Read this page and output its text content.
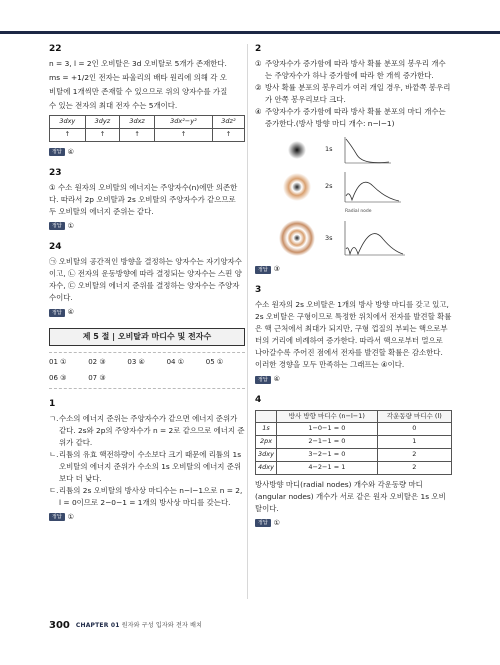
22
n = 3, l = 2인 오비탈은 3d 오비탈로 5개가 존재한다.
ms = +1/2인 전자는 파울리의 배타 원리에 의해 각 오
비탈에 1개씩만 존재할 수 있으므로 위의 양자수를 가질
수 있는 전자의 최대 전자 수는 5개이다.
3dxy	3dyz	3dxz	3dx²−y²	3dz²
↑	↑	↑	↑	↑
정답 ④
23
① 수소 원자의 오비탈의 에너지는 주양자수(n)에만 의존한다. 따라서 2p 오비탈과 2s 오비탈의 주양자수가 같으므로 두 오비탈의 에너지 준위는 같다.
정답 ①
24
㉠ 오비탈의 공간적인 방향을 결정하는 양자수는 자기양자수이고, ㉡ 전자의 운동방향에 따라 결정되는 양자수는 스핀 양자수, ㉢ 오비탈의 에너지 준위를 결정하는 양자수는 주양자수이다.
정답 ④
제 5 절 | 오비탈과 마디수 및 전자수
01 ①	02 ③	03 ④	04 ①	05 ①
06 ③	07 ③
1
ㄱ. 수소의 에너지 준위는 주양자수가 같으면 에너지 준위가 같다. 2s와 2p의 주양자수가 n = 2로 같으므로 에너지 준위가 같다.
ㄴ. 리튬의 유효 핵전하량이 수소보다 크기 때문에 리튬의 1s 오비탈의 에너지 준위가 수소의 1s 오비탈의 에너지 준위보다 더 낮다.
ㄷ. 리튬의 2s 오비탈의 방사상 마디수는 n−l−1으로 n = 2, l = 0이므로 2−0−1 = 1개의 방사상 마디를 갖는다.
정답 ①
2
① 주양자수가 증가함에 따라 방사 확률 분포의 봉우리 개수는 주양자수가 하나 증가함에 따라 한 개씩 증가한다.
② 방사 확률 분포의 봉우리가 여러 개일 경우, 바깥쪽 봉우리가 안쪽 봉우리보다 크다.
④ 주양자수가 증가함에 따라 방사 확률 분포의 마디 개수는 증가한다.(방사 방향 마디 개수: n−l−1)
1s
2s
Radial node
3s
정답 ③
3
수소 원자의 2s 오비탈은 1개의 방사 방향 마디를 갖고 있고, 2s 오비탈은 구형이므로 특정한 위치에서 전자를 발견할 확률은 핵 근처에서 최대가 되지만, 구형 껍질의 부피는 핵으로부터의 거리에 비례하여 증가한다. 따라서 핵으로부터 멀으로 나아갈수록 주어진 점에서 전자를 발견할 확률은 감소한다. 이러한 경향을 모두 만족하는 그래프는 ④이다.
정답 ④
4
	방사 방향 마디수 (n−l−1)	각운동량 마디수 (l)
1s	1−0−1 = 0	0
2px	2−1−1 = 0	1
3dxy	3−2−1 = 0	2
4dxy	4−2−1 = 1	2
방사방향 마디(radial nodes) 개수와 각운동량 마디(angular nodes) 개수가 서로 같은 원자 오비탈은 1s 오비탈이다.
정답 ①
300 CHAPTER 01 원자와 구성 입자와 전자 배치
